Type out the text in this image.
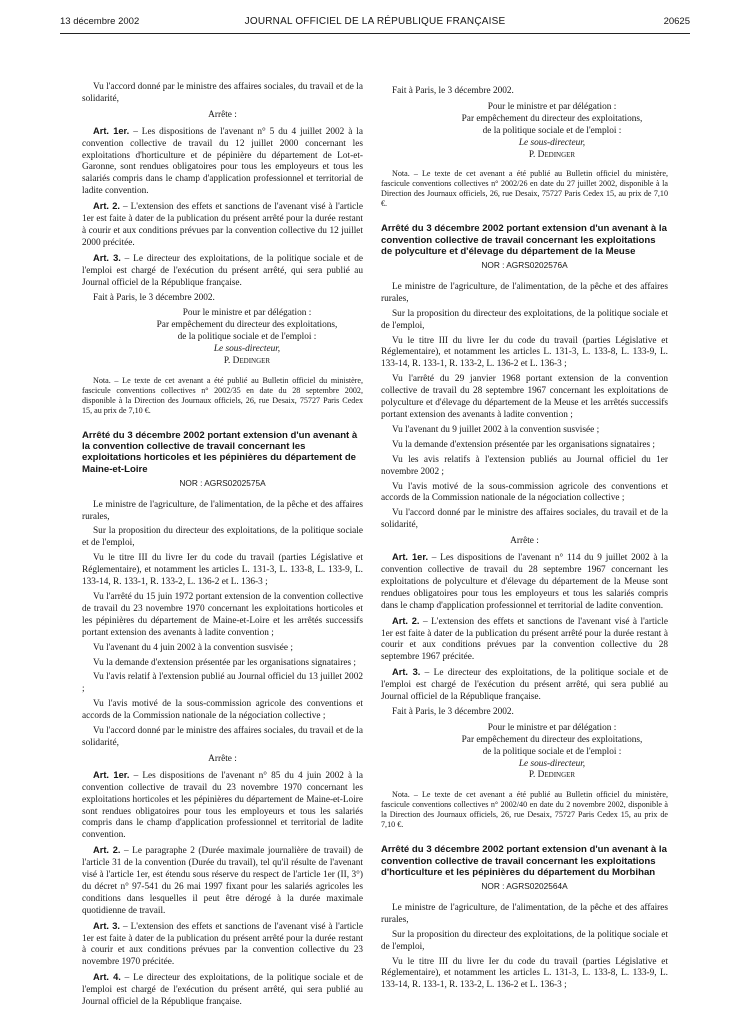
13 décembre 2002	JOURNAL OFFICIEL DE LA RÉPUBLIQUE FRANÇAISE	20625

Vu l'accord donné par le ministre des affaires sociales, du travail et de la solidarité,

Arrête :

Art. 1er. – Les dispositions de l'avenant n° 5 du 4 juillet 2002 à la convention collective de travail du 12 juillet 2000 concernant les exploitations d'horticulture et de pépinière du département de Lot-et-Garonne, sont rendues obligatoires pour tous les employeurs et tous les salariés compris dans le champ d'application professionnel et territorial de ladite convention.

Art. 2. – L'extension des effets et sanctions de l'avenant visé à l'article 1er est faite à dater de la publication du présent arrêté pour la durée restant à courir et aux conditions prévues par la convention collective du 12 juillet 2000 précitée.

Art. 3. – Le directeur des exploitations, de la politique sociale et de l'emploi est chargé de l'exécution du présent arrêté, qui sera publié au Journal officiel de la République française.

Fait à Paris, le 3 décembre 2002.

Pour le ministre et par délégation :
Par empêchement du directeur des exploitations,
de la politique sociale et de l'emploi :
Le sous-directeur,
P. Dedinger

Nota. – Le texte de cet avenant a été publié au Bulletin officiel du ministère, fascicule conventions collectives n° 2002/35 en date du 28 septembre 2002, disponible à la Direction des Journaux officiels, 26, rue Desaix, 75727 Paris Cedex 15, au prix de 7,10 €.

Arrêté du 3 décembre 2002 portant extension d'un avenant à la convention collective de travail concernant les exploitations horticoles et les pépinières du département de Maine-et-Loire
NOR : AGRS0202575A

Le ministre de l'agriculture, de l'alimentation, de la pêche et des affaires rurales,

Sur la proposition du directeur des exploitations, de la politique sociale et de l'emploi,

Vu le titre III du livre Ier du code du travail (parties Législative et Réglementaire), et notamment les articles L. 131-3, L. 133-8, L. 133-9, L. 133-14, R. 133-1, R. 133-2, L. 136-2 et L. 136-3 ;

Vu l'arrêté du 15 juin 1972 portant extension de la convention collective de travail du 23 novembre 1970 concernant les exploitations horticoles et les pépinières du département de Maine-et-Loire et les arrêtés successifs portant extension des avenants à ladite convention ;

Vu l'avenant du 4 juin 2002 à la convention susvisée ;

Vu la demande d'extension présentée par les organisations signataires ;

Vu l'avis relatif à l'extension publié au Journal officiel du 13 juillet 2002 ;

Vu l'avis motivé de la sous-commission agricole des conventions et accords de la Commission nationale de la négociation collective ;

Vu l'accord donné par le ministre des affaires sociales, du travail et de la solidarité,

Arrête :

Art. 1er. – Les dispositions de l'avenant n° 85 du 4 juin 2002 à la convention collective de travail du 23 novembre 1970 concernant les exploitations horticoles et les pépinières du département de Maine-et-Loire sont rendues obligatoires pour tous les employeurs et tous les salariés compris dans le champ d'application professionnel et territorial de ladite convention.

Art. 2. – Le paragraphe 2 (Durée maximale journalière de travail) de l'article 31 de la convention (Durée du travail), tel qu'il résulte de l'avenant visé à l'article 1er, est étendu sous réserve du respect de l'article 1er (II, 3°) du décret n° 97-541 du 26 mai 1997 fixant pour les salariés agricoles les conditions dans lesquelles il peut être dérogé à la durée maximale quotidienne de travail.

Art. 3. – L'extension des effets et sanctions de l'avenant visé à l'article 1er est faite à dater de la publication du présent arrêté pour la durée restant à courir et aux conditions prévues par la convention collective du 23 novembre 1970 précitée.

Art. 4. – Le directeur des exploitations, de la politique sociale et de l'emploi est chargé de l'exécution du présent arrêté, qui sera publié au Journal officiel de la République française.

Fait à Paris, le 3 décembre 2002.

Pour le ministre et par délégation :
Par empêchement du directeur des exploitations,
de la politique sociale et de l'emploi :
Le sous-directeur,
P. Dedinger

Nota. – Le texte de cet avenant a été publié au Bulletin officiel du ministère, fascicule conventions collectives n° 2002/26 en date du 27 juillet 2002, disponible à la Direction des Journaux officiels, 26, rue Desaix, 75727 Paris Cedex 15, au prix de 7,10 €.

Arrêté du 3 décembre 2002 portant extension d'un avenant à la convention collective de travail concernant les exploitations de polyculture et d'élevage du département de la Meuse
NOR : AGRS0202576A

Le ministre de l'agriculture, de l'alimentation, de la pêche et des affaires rurales,

Sur la proposition du directeur des exploitations, de la politique sociale et de l'emploi,

Vu le titre III du livre Ier du code du travail (parties Législative et Réglementaire), et notamment les articles L. 131-3, L. 133-8, L. 133-9, L. 133-14, R. 133-1, R. 133-2, L. 136-2 et L. 136-3 ;

Vu l'arrêté du 29 janvier 1968 portant extension de la convention collective de travail du 28 septembre 1967 concernant les exploitations de polyculture et d'élevage du département de la Meuse et les arrêtés successifs portant extension des avenants à ladite convention ;

Vu l'avenant du 9 juillet 2002 à la convention susvisée ;

Vu la demande d'extension présentée par les organisations signataires ;

Vu les avis relatifs à l'extension publiés au Journal officiel du 1er novembre 2002 ;

Vu l'avis motivé de la sous-commission agricole des conventions et accords de la Commission nationale de la négociation collective ;

Vu l'accord donné par le ministre des affaires sociales, du travail et de la solidarité,

Arrête :

Art. 1er. – Les dispositions de l'avenant n° 114 du 9 juillet 2002 à la convention collective de travail du 28 septembre 1967 concernant les exploitations de polyculture et d'élevage du département de la Meuse sont rendues obligatoires pour tous les employeurs et tous les salariés compris dans le champ d'application professionnel et territorial de ladite convention.

Art. 2. – L'extension des effets et sanctions de l'avenant visé à l'article 1er est faite à dater de la publication du présent arrêté pour la durée restant à courir et aux conditions prévues par la convention collective du 28 septembre 1967 précitée.

Art. 3. – Le directeur des exploitations, de la politique sociale et de l'emploi est chargé de l'exécution du présent arrêté, qui sera publié au Journal officiel de la République française.

Fait à Paris, le 3 décembre 2002.

Pour le ministre et par délégation :
Par empêchement du directeur des exploitations,
de la politique sociale et de l'emploi :
Le sous-directeur,
P. Dedinger

Nota. – Le texte de cet avenant a été publié au Bulletin officiel du ministère, fascicule conventions collectives n° 2002/40 en date du 2 novembre 2002, disponible à la Direction des Journaux officiels, 26, rue Desaix, 75727 Paris Cedex 15, au prix de 7,10 €.

Arrêté du 3 décembre 2002 portant extension d'un avenant à la convention collective de travail concernant les exploitations d'horticulture et les pépinières du département du Morbihan
NOR : AGRS0202564A

Le ministre de l'agriculture, de l'alimentation, de la pêche et des affaires rurales,

Sur la proposition du directeur des exploitations, de la politique sociale et de l'emploi,

Vu le titre III du livre Ier du code du travail (parties Législative et Réglementaire), et notamment les articles L. 131-3, L. 133-8, L. 133-9, L. 133-14, R. 133-1, R. 133-2, L. 136-2 et L. 136-3 ;
